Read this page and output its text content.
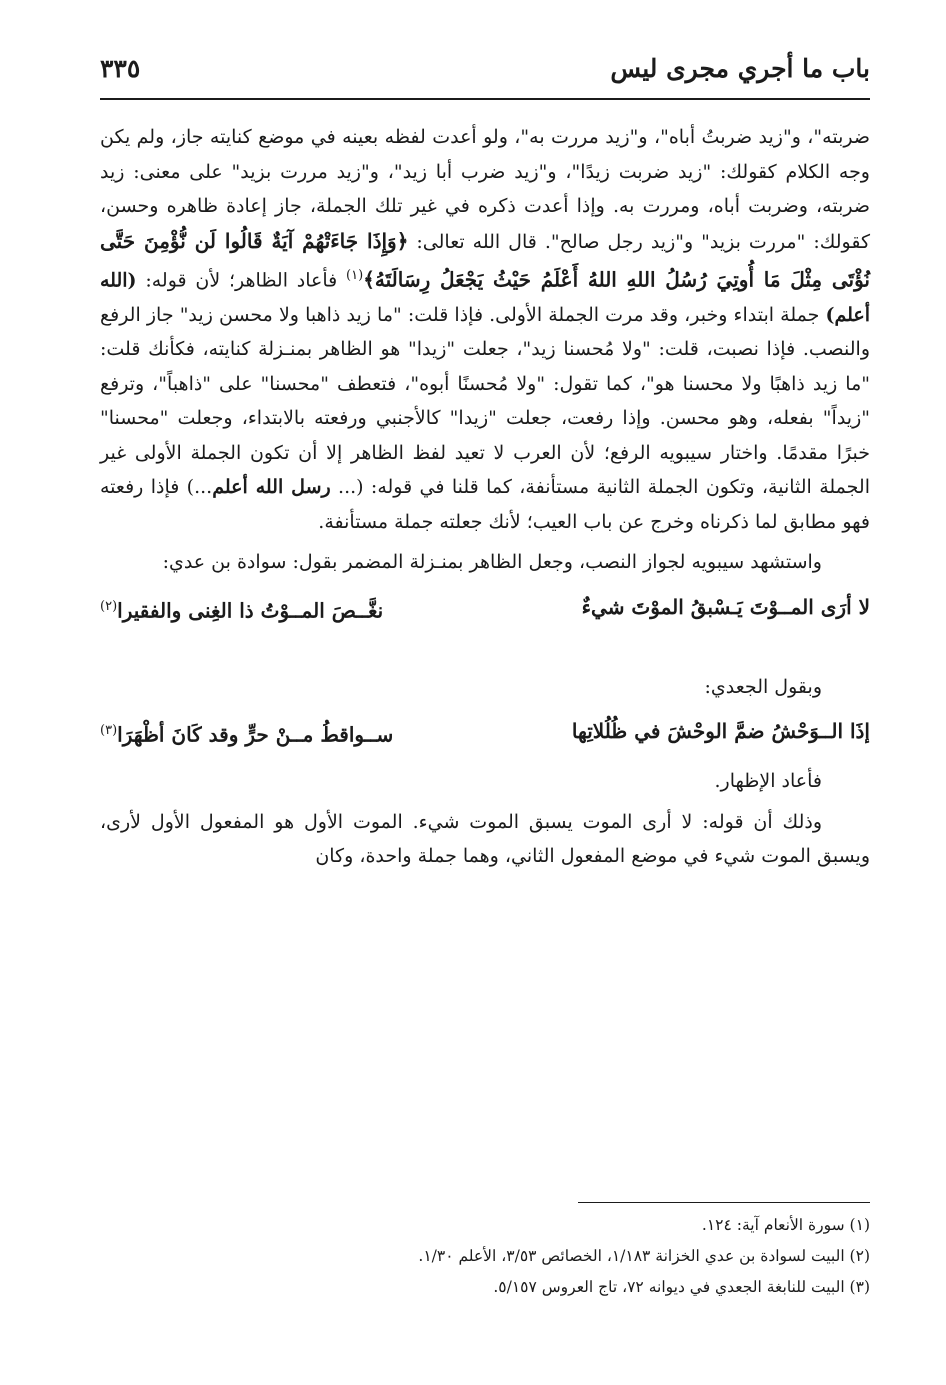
باب ما أجري مجرى ليس
٣٣٥

ضربته"، و"زيد ضربتُ أباه"، و"زيد مررت به"، ولو أعدت لفظه بعينه في موضع كنايته جاز، ولم يكن وجه الكلام كقولك: "زيد ضربت زيدًا"، و"زيد ضرب أبا زيد"، و"زيد مررت بزيد" على معنى: زيد ضربته، وضربت أباه، ومررت به. وإذا أعدت ذكره في غير تلك الجملة، جاز إعادة ظاهره وحسن، كقولك: "مررت بزيد" و"زيد رجل صالح". قال الله تعالى: ﴿وَإِذَا جَاءَتْهُمْ آيَةٌ قَالُوا لَن نُّؤْمِنَ حَتَّى نُؤْتَى مِثْلَ مَا أُوتِيَ رُسُلُ اللهِ اللهُ أَعْلَمُ حَيْثُ يَجْعَلُ رِسَالَتَهُ﴾$^{(١)}$ فأعاد الظاهر؛ لأن قوله: (الله أعلم) جملة ابتداء وخبر، وقد مرت الجملة الأولى. فإذا قلت: "ما زيد ذاهبا ولا محسن زيد" جاز الرفع والنصب. فإذا نصبت، قلت: "ولا مُحسنا زيد"، جعلت "زيدا" هو الظاهر بمنـزلة كنايته، فكأنك قلت: "ما زيد ذاهبًا ولا محسنا هو"، كما تقول: "ولا مُحسنًا أبوه"، فتعطف "محسنا" على "ذاهباً"، وترفع "زيداً" بفعله، وهو محسن. وإذا رفعت، جعلت "زيدا" كالأجنبي ورفعته بالابتداء، وجعلت "محسنا" خبرًا مقدمًا. واختار سيبويه الرفع؛ لأن العرب لا تعيد لفظ الظاهر إلا أن تكون الجملة الأولى غير الجملة الثانية، وتكون الجملة الثانية مستأنفة، كما قلنا في قوله: (... رسل الله أعلم...) فإذا رفعته فهو مطابق لما ذكرناه وخرج عن باب العيب؛ لأنك جعلته جملة مستأنفة.

واستشهد سيبويه لجواز النصب، وجعل الظاهر بمنـزلة المضمر بقول: سوادة بن عدي:

لا أرَى المــوْتَ يَـسْبقُ الموْتَ شيءٌ
نغَّــصَ المــوْتُ ذا الغِنى والفقيرا$^{(٢)}$

وبقول الجعدي:

إذَا الــوَحْشُ ضمَّ الوحْشَ في ظُلُلاتِها
ســواقطُ مــنْ حرٍّ وقد كَانَ أظْهَرَا$^{(٣)}$

فأعاد الإظهار.

وذلك أن قوله: لا أرى الموت يسبق الموت شيء. الموت الأول هو المفعول الأول لأرى، ويسبق الموت شيء في موضع المفعول الثاني، وهما جملة واحدة، وكان

(١) سورة الأنعام آية: ١٢٤.

(٢) البيت لسوادة بن عدي الخزانة ١/١٨٣، الخصائص ٣/٥٣، الأعلم ١/٣٠.

(٣) البيت للنابغة الجعدي في ديوانه ٧٢، تاج العروس ٥/١٥٧.
